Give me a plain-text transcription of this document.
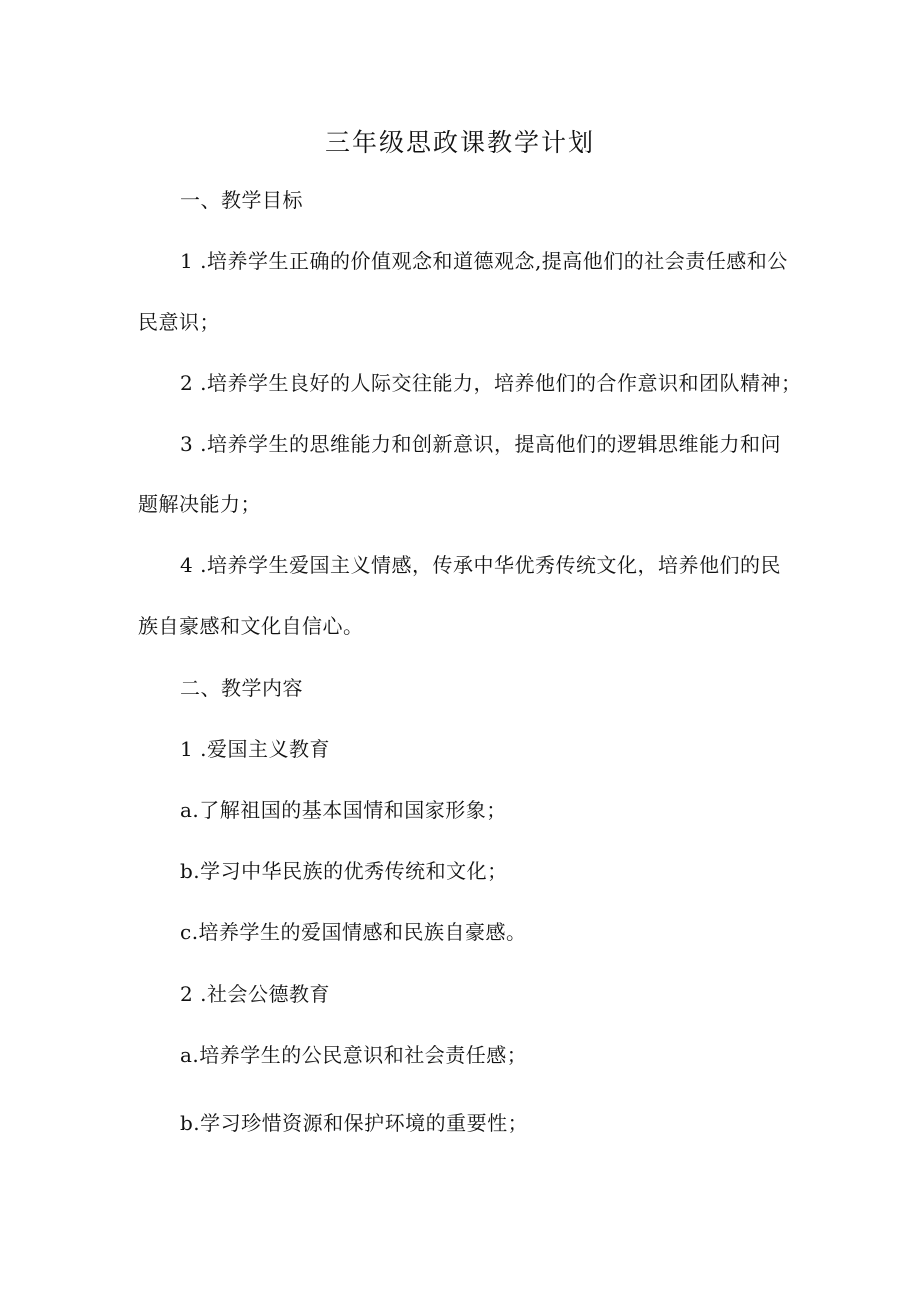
三年级思政课教学计划
一、教学目标
1 .培养学生正确的价值观念和道德观念,提高他们的社会责任感和公
民意识；
2 .培养学生良好的人际交往能力，培养他们的合作意识和团队精神；
3 .培养学生的思维能力和创新意识，提高他们的逻辑思维能力和问
题解决能力；
4 .培养学生爱国主义情感，传承中华优秀传统文化，培养他们的民
族自豪感和文化自信心。
二、教学内容
1 .爱国主义教育
a.了解祖国的基本国情和国家形象；
b.学习中华民族的优秀传统和文化；
c.培养学生的爱国情感和民族自豪感。
2 .社会公德教育
a.培养学生的公民意识和社会责任感；
b.学习珍惜资源和保护环境的重要性；
